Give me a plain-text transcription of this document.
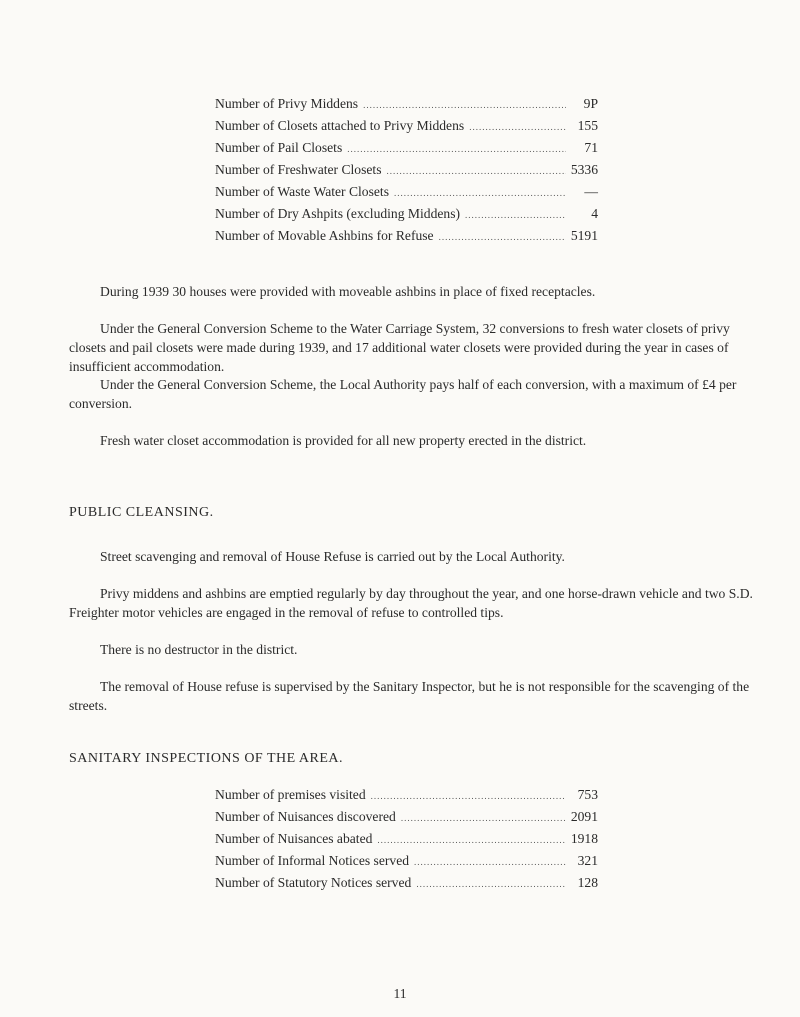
Number of Privy Middens .....	9P
Number of Closets attached to Privy Middens .....	155
Number of Pail Closets .....	71
Number of Freshwater Closets .....	5336
Number of Waste Water Closets .....	—
Number of Dry Ashpits (excluding Middens) .....	4
Number of Movable Ashbins for Refuse .....	5191

During 1939 30 houses were provided with moveable ashbins in place of fixed receptacles.

Under the General Conversion Scheme to the Water Carriage System, 32 conversions to fresh water closets of privy closets and pail closets were made during 1939, and 17 additional water closets were provided during the year in cases of insufficient accommodation.

Under the General Conversion Scheme, the Local Authority pays half of each conversion, with a maximum of £4 per conversion.

Fresh water closet accommodation is provided for all new property erected in the district.

PUBLIC CLEANSING.

Street scavenging and removal of House Refuse is carried out by the Local Authority.

Privy middens and ashbins are emptied regularly by day throughout the year, and one horse-drawn vehicle and two S.D. Freighter motor vehicles are engaged in the removal of refuse to controlled tips.

There is no destructor in the district.

The removal of House refuse is supervised by the Sanitary Inspector, but he is not responsible for the scavenging of the streets.

SANITARY INSPECTIONS OF THE AREA.
Number of premises visited .....	753
Number of Nuisances discovered .....	2091
Number of Nuisances abated .....	1918
Number of Informal Notices served .....	321
Number of Statutory Notices served .....	128
11
